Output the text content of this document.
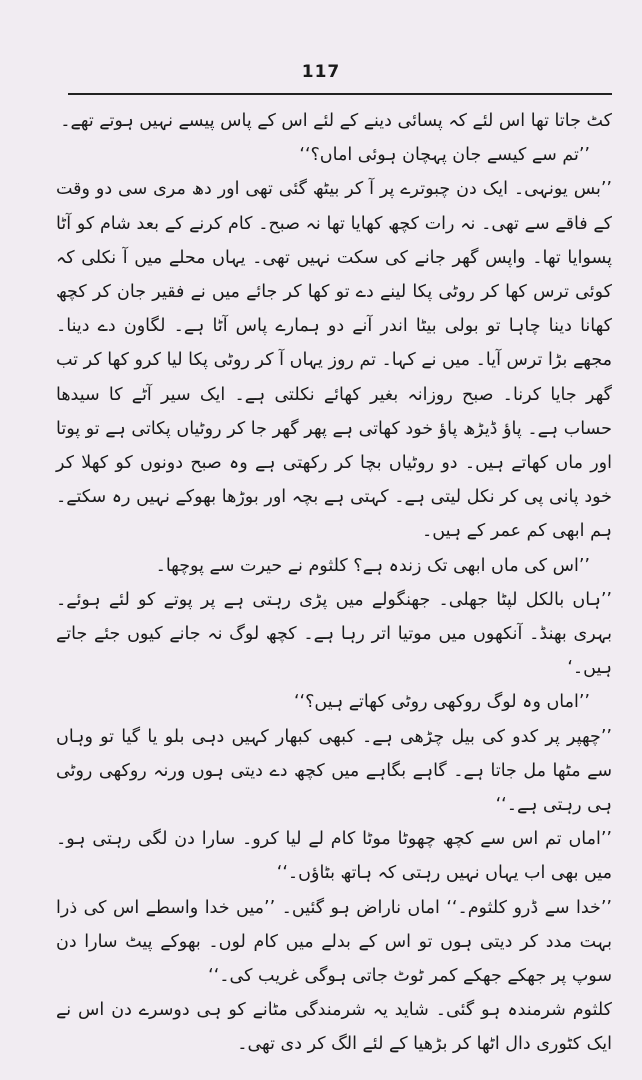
117

کٹ جاتا تھا اس لئے کہ پسائی دینے کے لئے اس کے پاس پیسے نہیں ہوتے تھے۔

’’تم سے کیسے جان پہچان ہوئی اماں؟‘‘

’’بس یونہی۔ ایک دن چبوترے پر آ کر بیٹھ گئی تھی اور دھ مری سی دو وقت کے فاقے سے تھی۔ نہ رات کچھ کھایا تھا نہ صبح۔ کام کرنے کے بعد شام کو آٹا پسوایا تھا۔ واپس گھر جانے کی سکت نہیں تھی۔ یہاں محلے میں آ نکلی کہ کوئی ترس کھا کر روٹی پکا لینے دے تو کھا کر جائے میں نے فقیر جان کر کچھ کھانا دینا چاہا تو بولی بیٹا اندر آنے دو ہمارے پاس آٹا ہے۔ لگاون دے دینا۔ مجھے بڑا ترس آیا۔ میں نے کہا۔ تم روز یہاں آ کر روٹی پکا لیا کرو کھا کر تب گھر جایا کرنا۔ صبح روزانہ بغیر کھائے نکلتی ہے۔ ایک سیر آٹے کا سیدھا حساب ہے۔ پاؤ ڈیڑھ پاؤ خود کھاتی ہے پھر گھر جا کر روٹیاں پکاتی ہے تو پوتا اور ماں کھاتے ہیں۔ دو روٹیاں بچا کر رکھتی ہے وہ صبح دونوں کو کھلا کر خود پانی پی کر نکل لیتی ہے۔ کہتی ہے بچہ اور بوڑھا بھوکے نہیں رہ سکتے۔ ہم ابھی کم عمر کے ہیں۔

’’اس کی ماں ابھی تک زندہ ہے؟ کلثوم نے حیرت سے پوچھا۔

’’ہاں بالکل لپٹا جھلی۔ جھنگولے میں پڑی رہتی ہے پر پوتے کو لئے ہوئے۔ بہری بھنڈ۔ آنکھوں میں موتیا اتر رہا ہے۔ کچھ لوگ نہ جانے کیوں جئے جاتے ہیں۔‘

’’اماں وہ لوگ روکھی روٹی کھاتے ہیں؟‘‘

’’چھپر پر کدو کی بیل چڑھی ہے۔ کبھی کبھار کہیں دہی بلو یا گیا تو وہاں سے مٹھا مل جاتا ہے۔ گاہے بگاہے میں کچھ دے دیتی ہوں ورنہ روکھی روٹی ہی رہتی ہے۔‘‘

’’اماں تم اس سے کچھ چھوٹا موٹا کام لے لیا کرو۔ سارا دن لگی رہتی ہو۔ میں بھی اب یہاں نہیں رہتی کہ ہاتھ بٹاؤں۔‘‘

’’خدا سے ڈرو کلثوم۔‘‘ اماں ناراض ہو گئیں۔ ’’میں خدا واسطے اس کی ذرا بہت مدد کر دیتی ہوں تو اس کے بدلے میں کام لوں۔ بھوکے پیٹ سارا دن سوپ پر جھکے جھکے کمر ٹوٹ جاتی ہوگی غریب کی۔‘‘

کلثوم شرمندہ ہو گئی۔ شاید یہ شرمندگی مٹانے کو ہی دوسرے دن اس نے ایک کٹوری دال اٹھا کر بڑھیا کے لئے الگ کر دی تھی۔
